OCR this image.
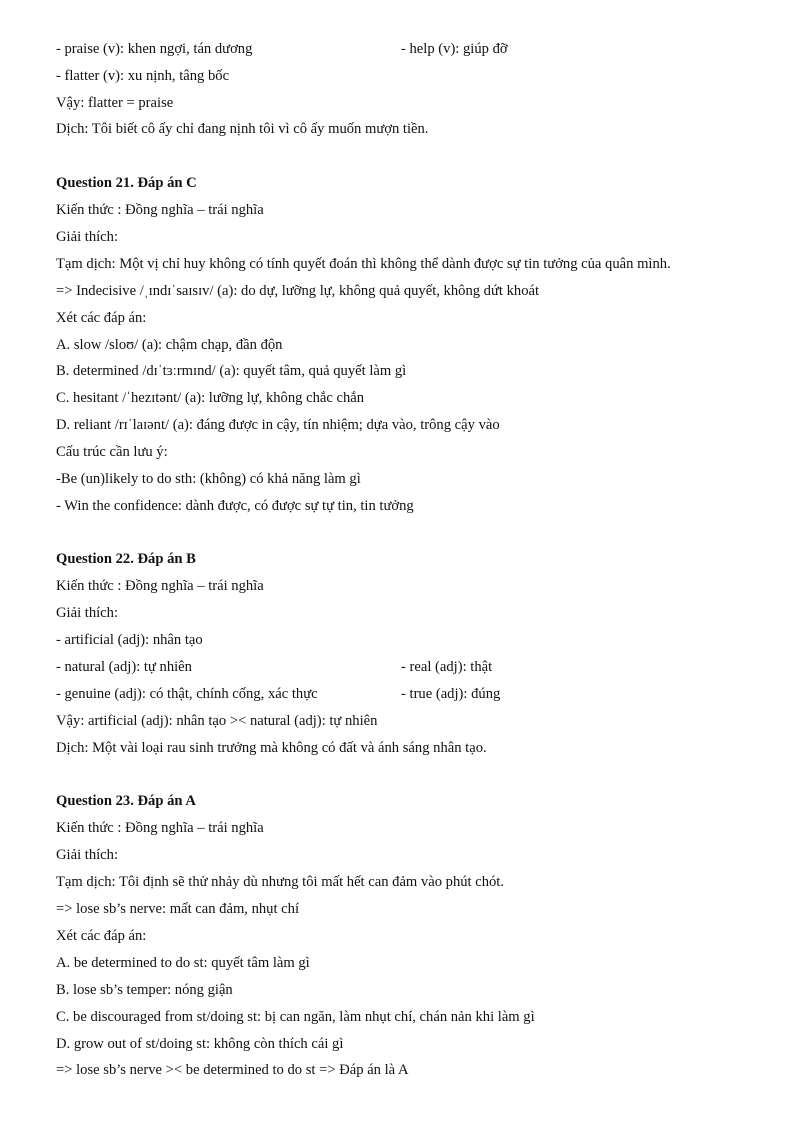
- praise (v): khen ngợi, tán dương	- help (v): giúp đỡ
- flatter (v): xu nịnh, tâng bốc
Vậy: flatter = praise
Dịch: Tôi biết cô ấy chỉ đang nịnh tôi vì cô ấy muốn mượn tiền.
Question 21. Đáp án C
Kiến thức : Đồng nghĩa – trái nghĩa
Giải thích:
Tạm dịch: Một vị chỉ huy không có tính quyết đoán thì không thể dành được sự tin tưởng của quân mình.
=> Indecisive /ˌɪndɪˈsaɪsɪv/ (a): do dự, lưỡng lự, không quả quyết, không dứt khoát
Xét các đáp án:
A. slow /sloʊ/ (a): chậm chạp, đần độn
B. determined /dɪˈtɜːrmɪnd/ (a): quyết tâm, quả quyết làm gì
C. hesitant /ˈhezɪtənt/ (a): lưỡng lự, không chắc chắn
D. reliant /rɪˈlaɪənt/ (a): đáng được in cậy, tín nhiệm; dựa vào, trông cậy vào
Cấu trúc cần lưu ý:
-Be (un)likely to do sth: (không) có khả năng làm gì
- Win the confidence: dành được, có được sự tự tin, tin tưởng
Question 22. Đáp án B
Kiến thức : Đồng nghĩa – trái nghĩa
Giải thích:
- artificial (adj): nhân tạo
- natural (adj): tự nhiên	- real (adj): thật
- genuine (adj): có thật, chính cống, xác thực	- true (adj): đúng
Vậy: artificial (adj): nhân tạo >< natural (adj): tự nhiên
Dịch: Một vài loại rau sinh trưởng mà không có đất và ánh sáng nhân tạo.
Question 23. Đáp án A
Kiến thức : Đồng nghĩa – trái nghĩa
Giải thích:
Tạm dịch: Tôi định sẽ thử nhảy dù nhưng tôi mất hết can đảm vào phút chót.
=> lose sb’s nerve: mất can đảm, nhụt chí
Xét các đáp án:
A. be determined to do st: quyết tâm làm gì
B. lose sb’s temper: nóng giận
C. be discouraged from st/doing st: bị can ngăn, làm nhụt chí, chán nản khi làm gì
D. grow out of st/doing st: không còn thích cái gì
=> lose sb’s nerve >< be determined to do st => Đáp án là A
